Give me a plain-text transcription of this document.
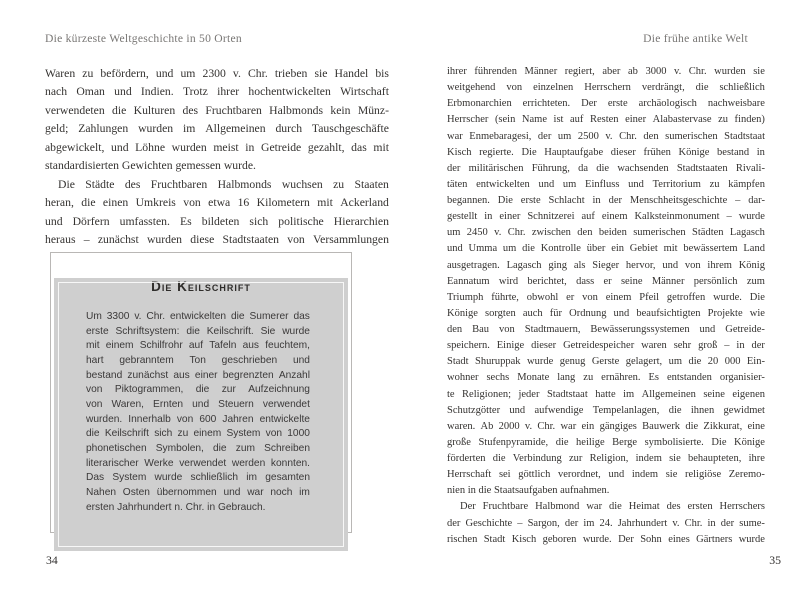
Die kürzeste Weltgeschichte in 50 Orten	Die frühe antike Welt
Waren zu befördern, und um 2300 v. Chr. trieben sie Handel bis
nach Oman und Indien. Trotz ihrer hochentwickelten Wirtschaft
verwendeten die Kulturen des Fruchtbaren Halbmonds kein Münz-
geld; Zahlungen wurden im Allgemeinen durch Tauschgeschäfte
abgewickelt, und Löhne wurden meist in Getreide gezahlt, das mit
standardisierten Gewichten gemessen wurde.
Die Städte des Fruchtbaren Halbmonds wuchsen zu Staaten
heran, die einen Umkreis von etwa 16 Kilometern mit Ackerland
und Dörfern umfassten. Es bildeten sich politische Hierarchien
heraus – zunächst wurden diese Stadtstaaten von Versammlungen
Die Keilschrift
Um 3300 v. Chr. entwickelten die Sumerer das
erste Schriftsystem: die Keilschrift. Sie wurde
mit einem Schilfrohr auf Tafeln aus feuchtem,
hart gebranntem Ton geschrieben und
bestand zunächst aus einer begrenzten Anzahl
von Piktogrammen, die zur Aufzeichnung
von Waren, Ernten und Steuern verwendet
wurden. Innerhalb von 600 Jahren entwickelte
die Keilschrift sich zu einem System von 1000
phonetischen Symbolen, die zum Schreiben
literarischer Werke verwendet werden konnten.
Das System wurde schließlich im gesamten
Nahen Osten übernommen und war noch im
ersten Jahrhundert n. Chr. in Gebrauch.
ihrer führenden Männer regiert, aber ab 3000 v. Chr. wurden sie
weitgehend von einzelnen Herrschern verdrängt, die schließlich
Erbmonarchien errichteten. Der erste archäologisch nachweisbare
Herrscher (sein Name ist auf Resten einer Alabastervase zu finden)
war Enmebaragesi, der um 2500 v. Chr. den sumerischen Stadtstaat
Kisch regierte. Die Hauptaufgabe dieser frühen Könige bestand in
der militärischen Führung, da die wachsenden Stadtstaaten Rivali-
täten entwickelten und um Einfluss und Territorium zu kämpfen
begannen. Die erste Schlacht in der Menschheitsgeschichte – dar-
gestellt in einer Schnitzerei auf einem Kalksteinmonument – wurde
um 2450 v. Chr. zwischen den beiden sumerischen Städten Lagasch
und Umma um die Kontrolle über ein Gebiet mit bewässertem Land
ausgetragen. Lagasch ging als Sieger hervor, und von ihrem König
Eannatum wird berichtet, dass er seine Männer persönlich zum
Triumph führte, obwohl er von einem Pfeil getroffen wurde. Die
Könige sorgten auch für Ordnung und beaufsichtigten Projekte wie
den Bau von Stadtmauern, Bewässerungssystemen und Getreide-
speichern. Einige dieser Getreidespeicher waren sehr groß – in der
Stadt Shuruppak wurde genug Gerste gelagert, um die 20 000 Ein-
wohner sechs Monate lang zu ernähren. Es entstanden organisier-
te Religionen; jeder Stadtstaat hatte im Allgemeinen seine eigenen
Schutzgötter und aufwendige Tempelanlagen, die ihnen gewidmet
waren. Ab 2000 v. Chr. war ein gängiges Bauwerk die Zikkurat, eine
große Stufenpyramide, die heilige Berge symbolisierte. Die Könige
förderten die Verbindung zur Religion, indem sie behaupteten, ihre
Herrschaft sei göttlich verordnet, und indem sie religiöse Zeremo-
nien in die Staatsaufgaben aufnahmen.
Der Fruchtbare Halbmond war die Heimat des ersten Herrschers
der Geschichte – Sargon, der im 24. Jahrhundert v. Chr. in der sume-
rischen Stadt Kisch geboren wurde. Der Sohn eines Gärtners wurde
34	35
